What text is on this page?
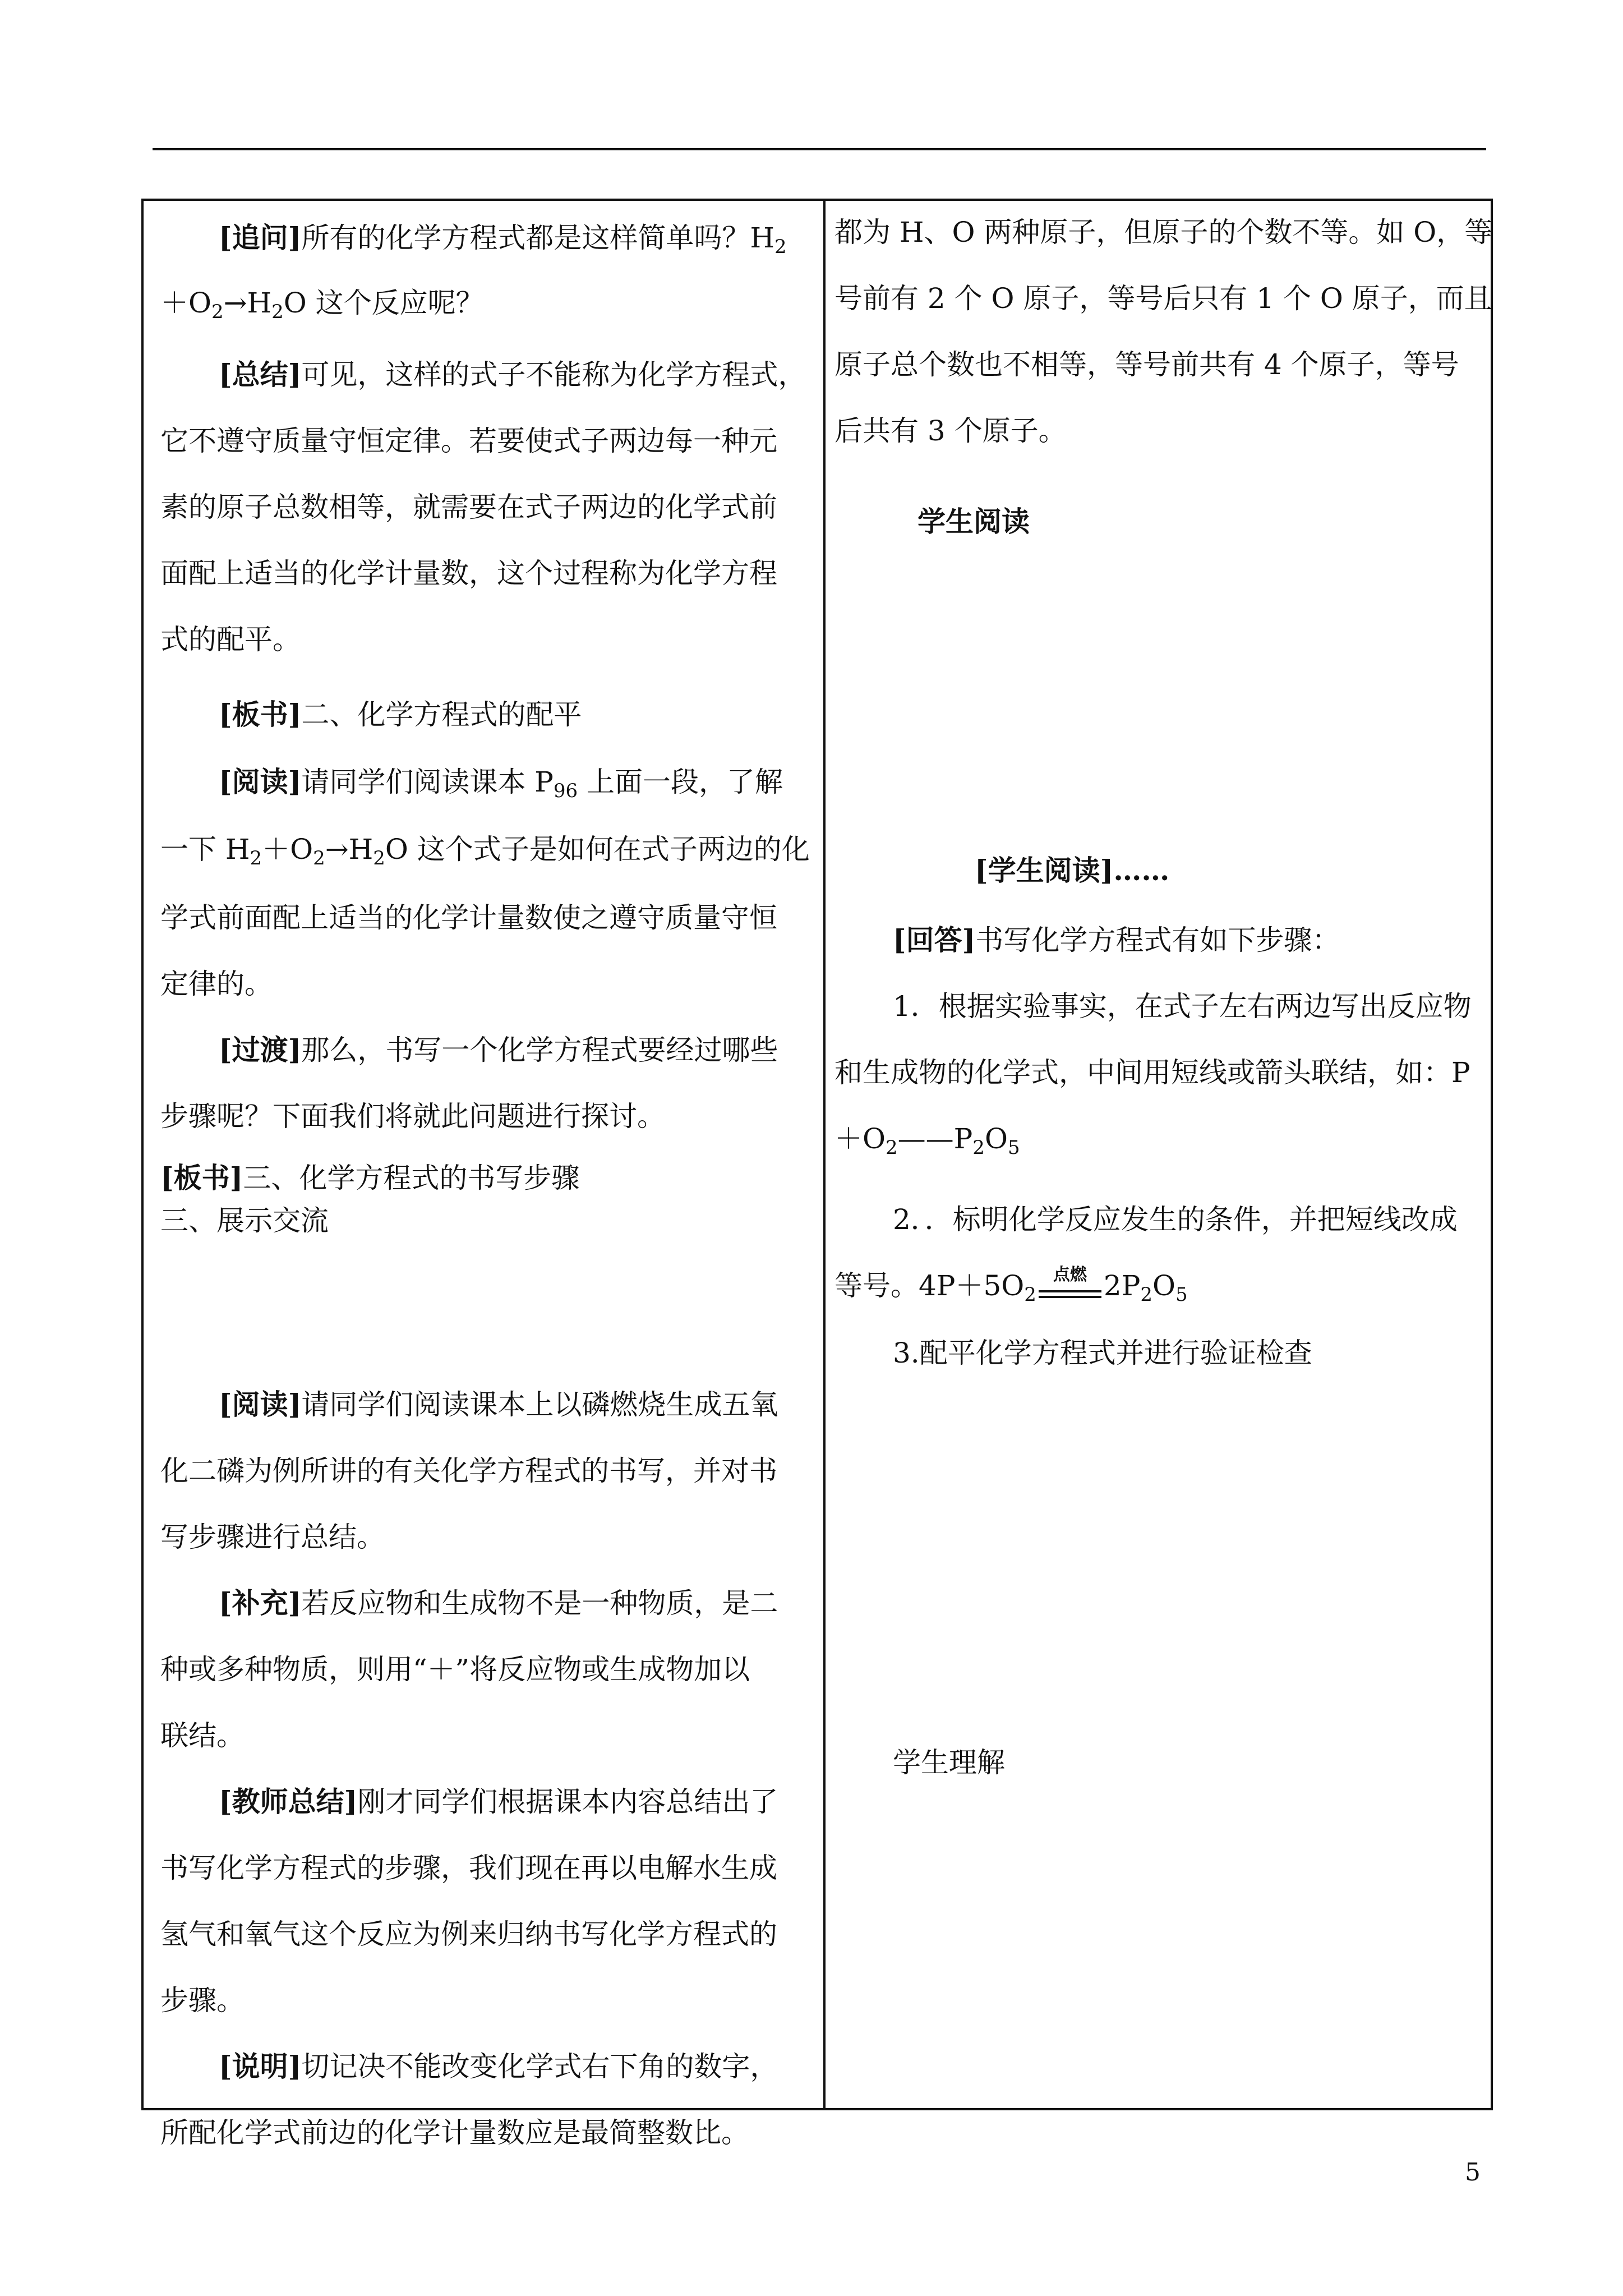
[追问]所有的化学方程式都是这样简单吗？$H_2$
$+O_2\to H_2O$ 这个反应呢？
[总结]可见，这样的式子不能称为化学方程式，
它不遵守质量守恒定律。若要使式子两边每一种元
素的原子总数相等，就需要在式子两边的化学式前
面配上适当的化学计量数，这个过程称为化学方程
式的配平。
[板书]二、化学方程式的配平
[阅读]请同学们阅读课本 $P_{96}$ 上面一段，了解
一下 $H_2+O_2\to H_2O$ 这个式子是如何在式子两边的化
学式前面配上适当的化学计量数使之遵守质量守恒
定律的。
[过渡]那么，书写一个化学方程式要经过哪些
步骤呢？下面我们将就此问题进行探讨。
[板书]三、化学方程式的书写步骤
三、展示交流
[阅读]请同学们阅读课本上以磷燃烧生成五氧
化二磷为例所讲的有关化学方程式的书写，并对书
写步骤进行总结。
[补充]若反应物和生成物不是一种物质，是二
种或多种物质，则用“＋”将反应物或生成物加以
联结。
[教师总结]刚才同学们根据课本内容总结出了
书写化学方程式的步骤，我们现在再以电解水生成
氢气和氧气这个反应为例来归纳书写化学方程式的
步骤。
[说明]切记决不能改变化学式右下角的数字，
所配化学式前边的化学计量数应是最简整数比。
都为 H、O 两种原子，但原子的个数不等。如 O，等
号前有 2 个 O 原子，等号后只有 1 个 O 原子，而且
原子总个数也不相等，等号前共有 4 个原子，等号
后共有 3 个原子。
学生阅读
[学生阅读]……
[回答]书写化学方程式有如下步骤：
1．根据实验事实，在式子左右两边写出反应物
和生成物的化学式，中间用短线或箭头联结，如：P
$+O_2——P_2O_5$
2．．标明化学反应发生的条件，并把短线改成
等号。$4P+5O_2$
点燃 $2P_2O_5$
3.配平化学方程式并进行验证检查
学生理解
5
